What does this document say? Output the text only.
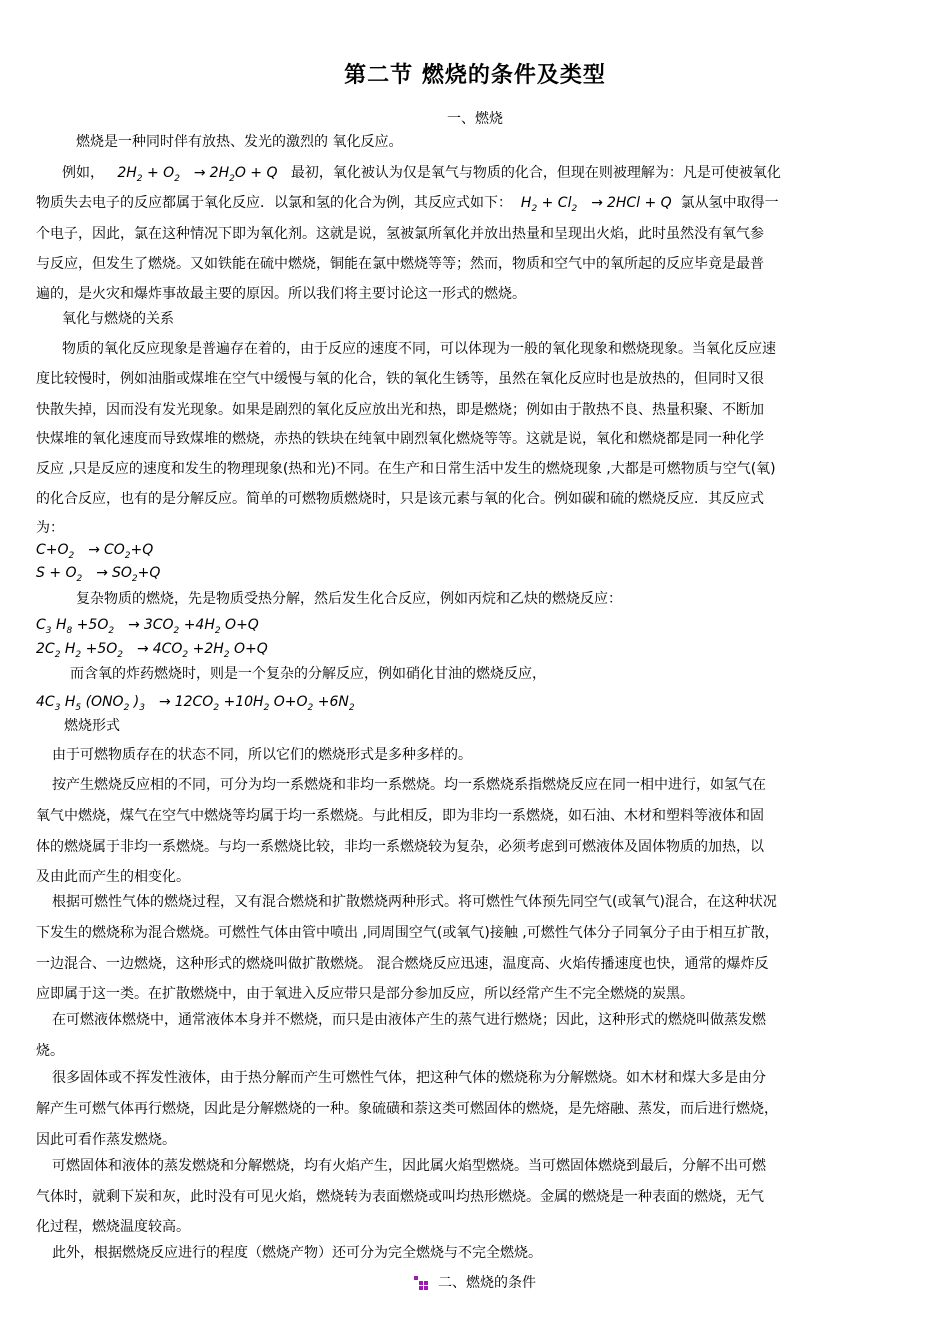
第二节 燃烧的条件及类型
一、燃烧
燃烧是一种同时伴有放热、发光的激烈的 氧化反应。
例如，   $2H_2 + O_2 \to 2H_2O + Q$   最初，氧化被认为仅是氧气与物质的化合，但现在则被理解为：凡是可使被氧化
物质失去电子的反应都属于氧化反应．以氯和氢的化合为例，其反应式如下：  $H_2 + Cl_2 \to 2HCl + Q$  氯从氢中取得一
个电子，因此，氯在这种情况下即为氧化剂。这就是说，氢被氯所氧化并放出热量和呈现出火焰，此时虽然没有氧气参
与反应，但发生了燃烧。又如铁能在硫中燃烧，铜能在氯中燃烧等等；然而，物质和空气中的氧所起的反应毕竟是最普
遍的，是火灾和爆炸事故最主要的原因。所以我们将主要讨论这一形式的燃烧。
氧化与燃烧的关系
物质的氧化反应现象是普遍存在着的，由于反应的速度不同，可以体现为一般的氧化现象和燃烧现象。当氧化反应速
度比较慢时，例如油脂或煤堆在空气中缓慢与氧的化合，铁的氧化生锈等，虽然在氧化反应时也是放热的，但同时又很
快散失掉，因而没有发光现象。如果是剧烈的氧化反应放出光和热，即是燃烧；例如由于散热不良、热量积聚、不断加
快煤堆的氧化速度而导致煤堆的燃烧，赤热的铁块在纯氧中剧烈氧化燃烧等等。这就是说，氧化和燃烧都是同一种化学
反应 ,只是反应的速度和发生的物理现象(热和光)不同。在生产和日常生活中发生的燃烧现象 ,大都是可燃物质与空气(氧)
的化合反应，也有的是分解反应。简单的可燃物质燃烧时，只是该元素与氧的化合。例如碳和硫的燃烧反应．其反应式
为：
$C+O_2 \to CO_2+Q$
$S + O_2 \to SO_2+Q$
复杂物质的燃烧，先是物质受热分解，然后发生化合反应，例如丙烷和乙炔的燃烧反应：
$C_3$ $H_8 +5O_2 \to 3CO_2 +4H_2$ O+Q
$2C_2$ $H_2 +5O_2 \to 4CO_2 +2H_2$ O+Q
而含氧的炸药燃烧时，则是一个复杂的分解反应，例如硝化甘油的燃烧反应，
$4C_3$ $H_5$ ($ONO_2$ )$_3 \to 12CO_2 +10H_2$ $O+O_2 +6N_2$
燃烧形式
由于可燃物质存在的状态不同，所以它们的燃烧形式是多种多样的。
按产生燃烧反应相的不同，可分为均一系燃烧和非均一系燃烧。均一系燃烧系指燃烧反应在同一相中进行，如氢气在
氧气中燃烧，煤气在空气中燃烧等均属于均一系燃烧。与此相反，即为非均一系燃烧，如石油、木材和塑料等液体和固
体的燃烧属于非均一系燃烧。与均一系燃烧比较，非均一系燃烧较为复杂，必须考虑到可燃液体及固体物质的加热，以
及由此而产生的相变化。
根据可燃性气体的燃烧过程，又有混合燃烧和扩散燃烧两种形式。将可燃性气体预先同空气(或氧气)混合，在这种状况
下发生的燃烧称为混合燃烧。可燃性气体由管中喷出 ,同周围空气(或氧气)接触 ,可燃性气体分子同氧分子由于相互扩散，
一边混合、一边燃烧，这种形式的燃烧叫做扩散燃烧。 混合燃烧反应迅速，温度高、火焰传播速度也快，通常的爆炸反
应即属于这一类。在扩散燃烧中，由于氧进入反应带只是部分参加反应，所以经常产生不完全燃烧的炭黑。
在可燃液体燃烧中，通常液体本身并不燃烧，而只是由液体产生的蒸气进行燃烧；因此，这种形式的燃烧叫做蒸发燃
烧。
很多固体或不挥发性液体，由于热分解而产生可燃性气体，把这种气体的燃烧称为分解燃烧。如木材和煤大多是由分
解产生可燃气体再行燃烧，因此是分解燃烧的一种。象硫磺和萘这类可燃固体的燃烧，是先熔融、蒸发，而后进行燃烧，
因此可看作蒸发燃烧。
可燃固体和液体的蒸发燃烧和分解燃烧，均有火焰产生，因此属火焰型燃烧。当可燃固体燃烧到最后，分解不出可燃
气体时，就剩下炭和灰，此时没有可见火焰，燃烧转为表面燃烧或叫均热形燃烧。金属的燃烧是一种表面的燃烧，无气
化过程，燃烧温度较高。
此外，根据燃烧反应进行的程度（燃烧产物）还可分为完全燃烧与不完全燃烧。
二、燃烧的条件
